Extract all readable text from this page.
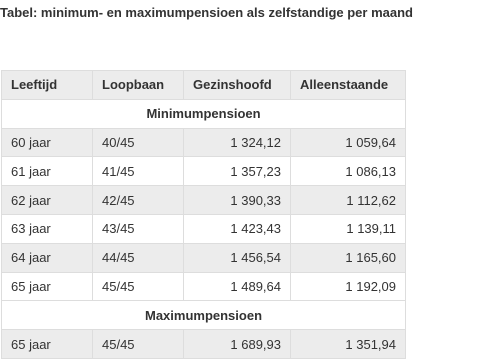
Tabel: minimum- en maximumpensioen als zelfstandige per maand
Leeftijd	Loopbaan	Gezinshoofd	Alleenstaande
Minimumpensioen			
60 jaar	40/45	1 324,12	1 059,64
61 jaar	41/45	1 357,23	1 086,13
62 jaar	42/45	1 390,33	1 112,62
63 jaar	43/45	1 423,43	1 139,11
64 jaar	44/45	1 456,54	1 165,60
65 jaar	45/45	1 489,64	1 192,09
Maximumpensioen			
65 jaar	45/45	1 689,93	1 351,94
